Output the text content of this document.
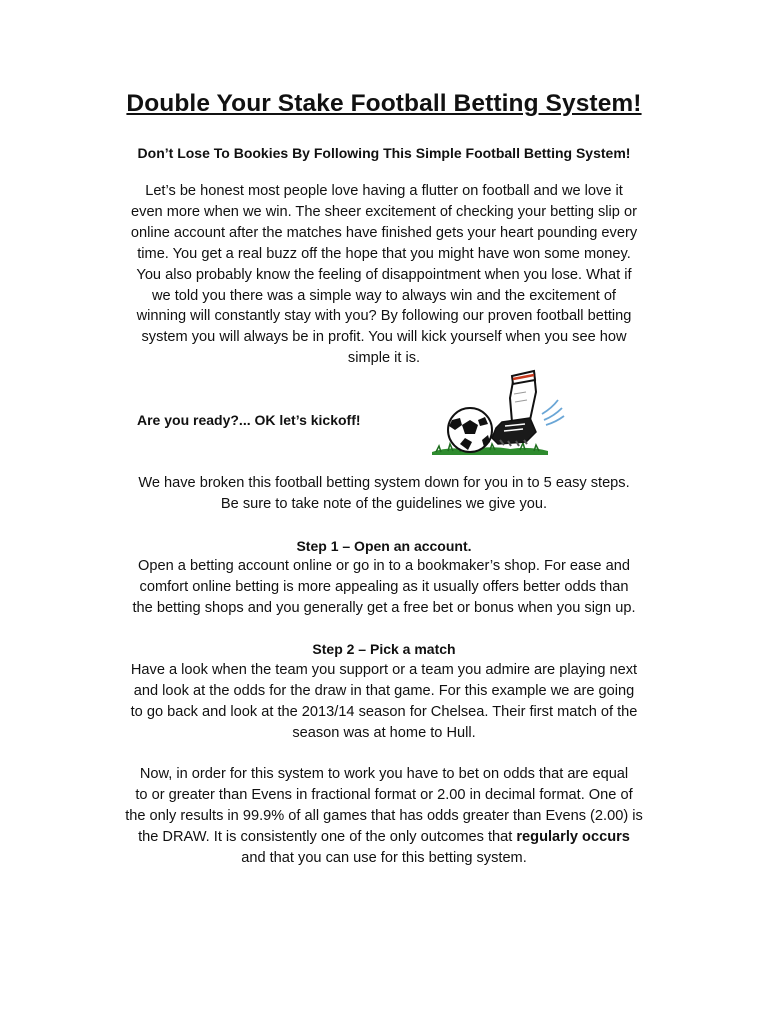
Double Your Stake Football Betting System!
Don’t Lose To Bookies By Following This Simple Football Betting System!
Let’s be honest most people love having a flutter on football and we love it
even more when we win. The sheer excitement of checking your betting slip or
online account after the matches have finished gets your heart pounding every
time. You get a real buzz off the hope that you might have won some money.
You also probably know the feeling of disappointment when you lose. What if
we told you there was a simple way to always win and the excitement of
winning will constantly stay with you? By following our proven football betting
system you will always be in profit. You will kick yourself when you see how
simple it is.
Are you ready?... OK let’s kickoff!
We have broken this football betting system down for you in to 5 easy steps.
Be sure to take note of the guidelines we give you.
Step 1 – Open an account.
Open a betting account online or go in to a bookmaker’s shop. For ease and
comfort online betting is more appealing as it usually offers better odds than
the betting shops and you generally get a free bet or bonus when you sign up.
Step 2 – Pick a match
Have a look when the team you support or a team you admire are playing next
and look at the odds for the draw in that game. For this example we are going
to go back and look at the 2013/14 season for Chelsea. Their first match of the
season was at home to Hull.
Now, in order for this system to work you have to bet on odds that are equal
to or greater than Evens in fractional format or 2.00 in decimal format. One of
the only results in 99.9% of all games that has odds greater than Evens (2.00) is
the DRAW. It is consistently one of the only outcomes that regularly occurs
and that you can use for this betting system.
